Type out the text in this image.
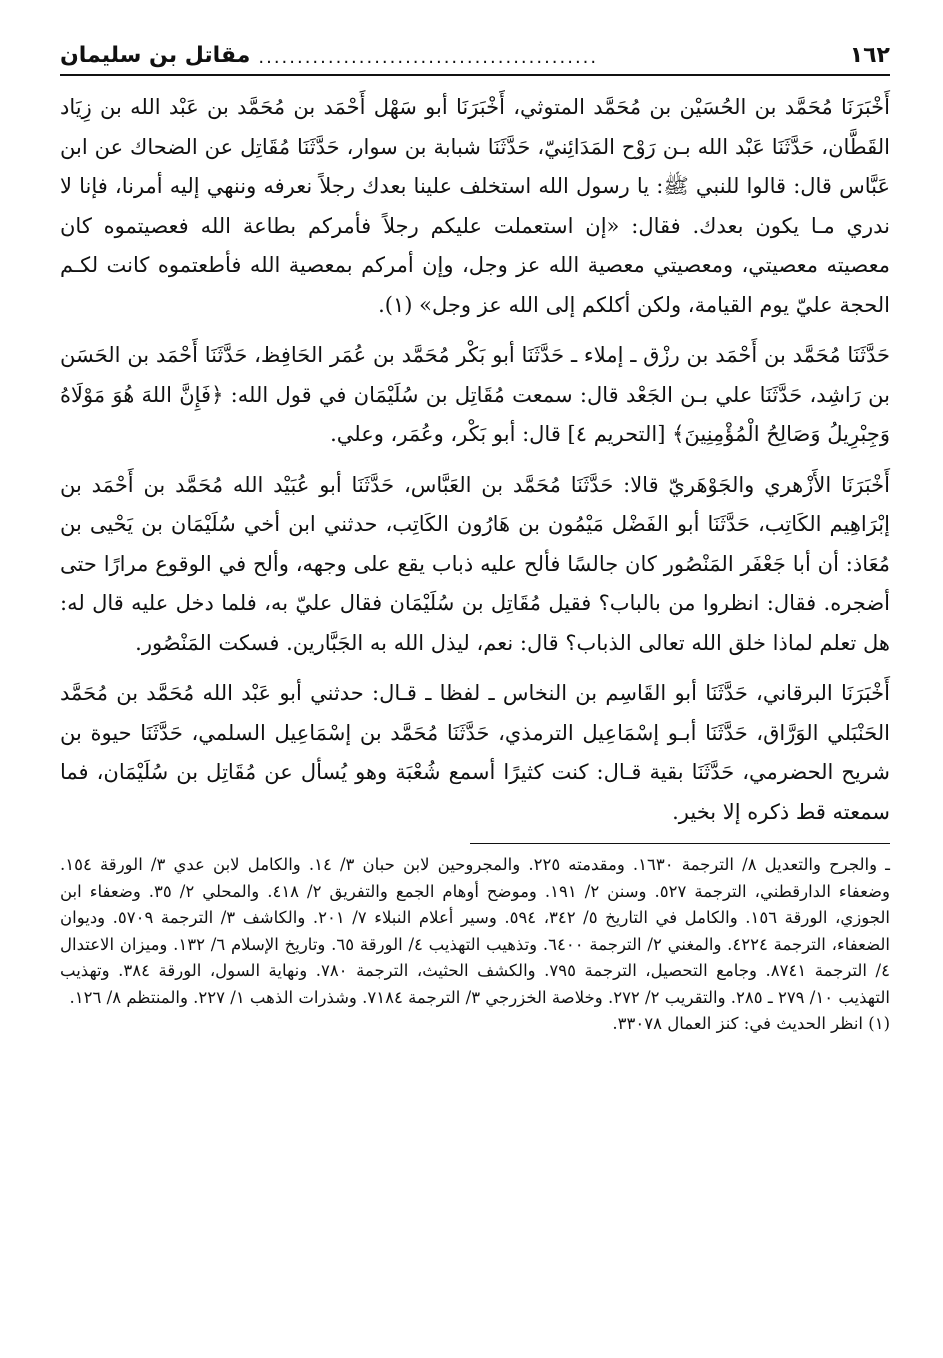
١٦٢
............................................
مقاتل بن سليمان

أَخْبَرَنَا مُحَمَّد بن الحُسَيْن بن مُحَمَّد المتوثي، أَخْبَرَنَا أبو سَهْل أَحْمَد بن مُحَمَّد بن عَبْد الله بن زِيَاد القَطَّان، حَدَّثَنَا عَبْد الله بـن رَوْح المَدَائِنيّ، حَدَّثَنَا شبابة بن سوار، حَدَّثَنَا مُقَاتِل عن الضحاك عن ابن عَبَّاس قال: قالوا للنبي ﷺ: يا رسول الله استخلف علينا بعدك رجلاً نعرفه وننهي إليه أمرنا، فإنا لا ندري مـا يكون بعدك. فقال: «إن استعملت عليكم رجلاً فأمركم بطاعة الله فعصيتموه كان معصيته معصيتي، ومعصيتي معصية الله عز وجل، وإن أمركم بمعصية الله فأطعتموه كانت لكـم الحجة عليّ يوم القيامة، ولكن أكلكم إلى الله عز وجل» (١).

حَدَّثَنَا مُحَمَّد بن أَحْمَد بن رزْق ـ إملاء ـ حَدَّثَنَا أبو بَكْر مُحَمَّد بن عُمَر الحَافِظ، حَدَّثَنَا أَحْمَد بن الحَسَن بن رَاشِد، حَدَّثَنَا علي بـن الجَعْد قال: سمعت مُقَاتِل بن سُلَيْمَان في قول الله: ﴿فَإِنَّ اللهَ هُوَ مَوْلَاهُ وَجِبْرِيلُ وَصَالِحُ الْمُؤْمِنِينَ﴾ [التحريم ٤] قال: أبو بَكْر، وعُمَر، وعلي.

أَخْبَرَنَا الأَزْهري والجَوْهَريّ قالا: حَدَّثَنَا مُحَمَّد بن العَبَّاس، حَدَّثَنَا أبو عُبَيْد الله مُحَمَّد بن أَحْمَد بن إبْرَاهِيم الكَاتِب، حَدَّثَنَا أبو الفَضْل مَيْمُون بن هَارُون الكَاتِب، حدثني ابن أخي سُلَيْمَان بن يَحْيى بن مُعَاذ: أن أبا جَعْفَر المَنْصُور كان جالسًا فألح عليه ذباب يقع على وجهه، وألح في الوقوع مرارًا حتى أضجره. فقال: انظروا من بالباب؟ فقيل مُقَاتِل بن سُلَيْمَان فقال عليّ به، فلما دخل عليه قال له: هل تعلم لماذا خلق الله تعالى الذباب؟ قال: نعم، ليذل الله به الجَبَّارين. فسكت المَنْصُور.

أَخْبَرَنَا البرقاني، حَدَّثَنَا أبو القَاسِم بن النخاس ـ لفظا ـ قـال: حدثني أبو عَبْد الله مُحَمَّد بن مُحَمَّد الحَنْبَلي الوَرَّاق، حَدَّثَنَا أبـو إسْمَاعِيل الترمذي، حَدَّثَنَا مُحَمَّد بن إسْمَاعِيل السلمي، حَدَّثَنَا حيوة بن شريح الحضرمي، حَدَّثَنَا بقية قـال: كنت كثيرًا أسمع شُعْبَة وهو يُسأل عن مُقَاتِل بن سُلَيْمَان، فما سمعته قط ذكره إلا بخير.

ـ والجرح والتعديل ٨/ الترجمة ١٦٣٠. ومقدمته ٢٢٥. والمجروحين لابن حبان ٣/ ١٤. والكامل لابن عدي ٣/ الورقة ١٥٤. وضعفاء الدارقطني، الترجمة ٥٢٧. وسنن ٢/ ١٩١. وموضح أوهام الجمع والتفريق ٢/ ٤١٨. والمحلي ٢/ ٣٥. وضعفاء ابن الجوزي، الورقة ١٥٦. والكامل في التاريخ ٥/ ٣٤٢، ٥٩٤. وسير أعلام النبلاء ٧/ ٢٠١. والكاشف ٣/ الترجمة ٥٧٠٩. وديوان الضعفاء، الترجمة ٤٢٢٤. والمغني ٢/ الترجمة ٦٤٠٠. وتذهيب التهذيب ٤/ الورقة ٦٥. وتاريخ الإسلام ٦/ ١٣٢. وميزان الاعتدال ٤/ الترجمة ٨٧٤١. وجامع التحصيل، الترجمة ٧٩٥. والكشف الحثيث، الترجمة ٧٨٠. ونهاية السول، الورقة ٣٨٤. وتهذيب التهذيب ١٠/ ٢٧٩ ـ ٢٨٥. والتقريب ٢/ ٢٧٢. وخلاصة الخزرجي ٣/ الترجمة ٧١٨٤. وشذرات الذهب ١/ ٢٢٧. والمنتظم ٨/ ١٢٦.

(١) انظر الحديث في: كنز العمال ٣٣٠٧٨.
